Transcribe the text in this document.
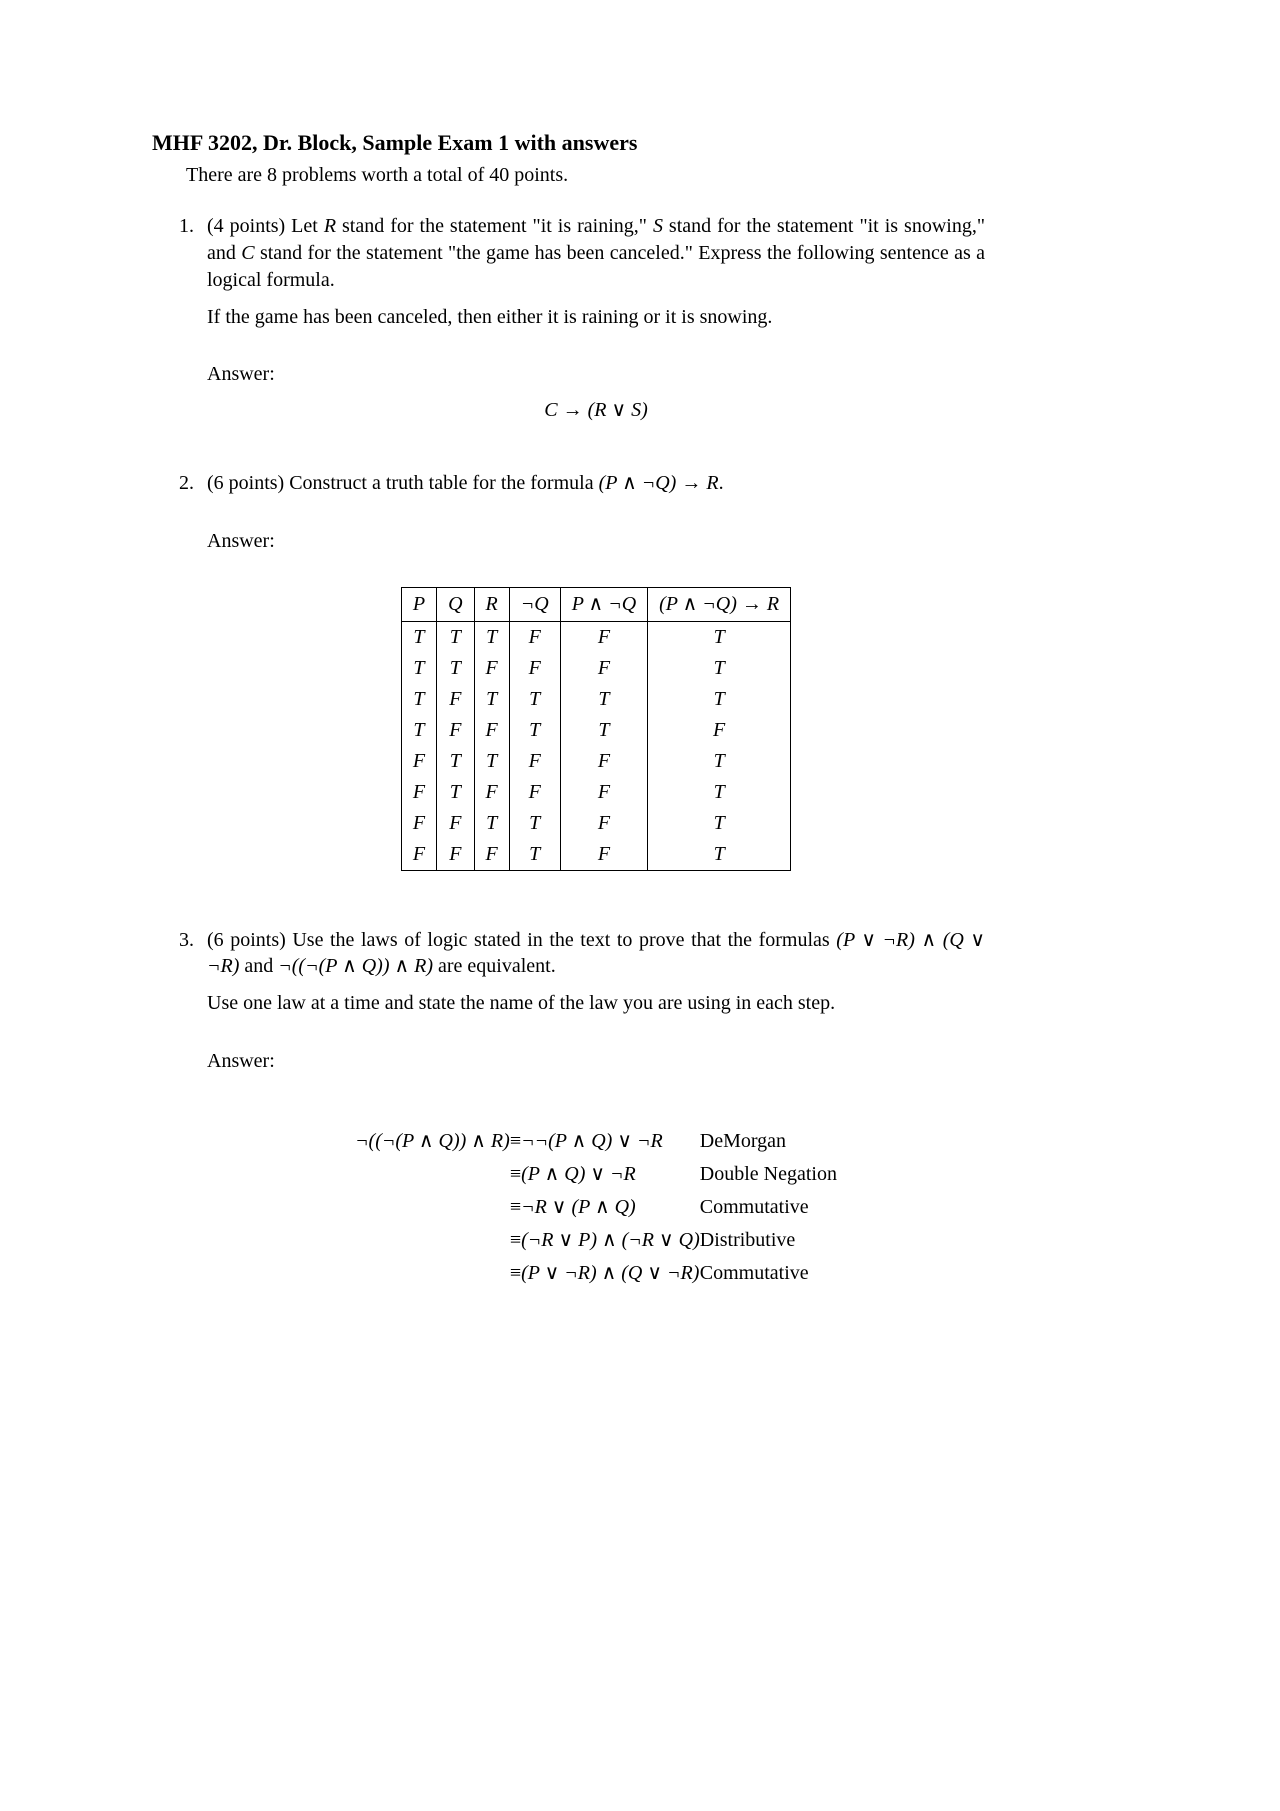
MHF 3202, Dr. Block, Sample Exam 1 with answers
There are 8 problems worth a total of 40 points.
1. (4 points) Let R stand for the statement "it is raining," S stand for the statement "it is snowing," and C stand for the statement "the game has been canceled." Express the following sentence as a logical formula.

If the game has been canceled, then either it is raining or it is snowing.

Answer:

C → (R ∨ S)
2. (6 points) Construct a truth table for the formula (P ∧ ¬Q) → R.

Answer:

P	Q	R	¬Q	P ∧ ¬Q	(P ∧ ¬Q) → R
T	T	T	F	F	T
T	T	F	F	F	T
T	F	T	T	T	T
T	F	F	T	T	F
F	T	T	F	F	T
F	T	F	F	F	T
F	F	T	T	F	T
F	F	F	T	F	T
3. (6 points) Use the laws of logic stated in the text to prove that the formulas (P ∨ ¬R) ∧ (Q ∨ ¬R) and ¬((¬(P ∧ Q)) ∧ R) are equivalent.

Use one law at a time and state the name of the law you are using in each step.

Answer:

¬((¬(P ∧ Q)) ∧ R)	≡	¬¬(P ∧ Q) ∨ ¬R	DeMorgan
	≡	(P ∧ Q) ∨ ¬R	Double Negation
	≡	¬R ∨ (P ∧ Q)	Commutative
	≡	(¬R ∨ P) ∧ (¬R ∨ Q)	Distributive
	≡	(P ∨ ¬R) ∧ (Q ∨ ¬R)	Commutative
